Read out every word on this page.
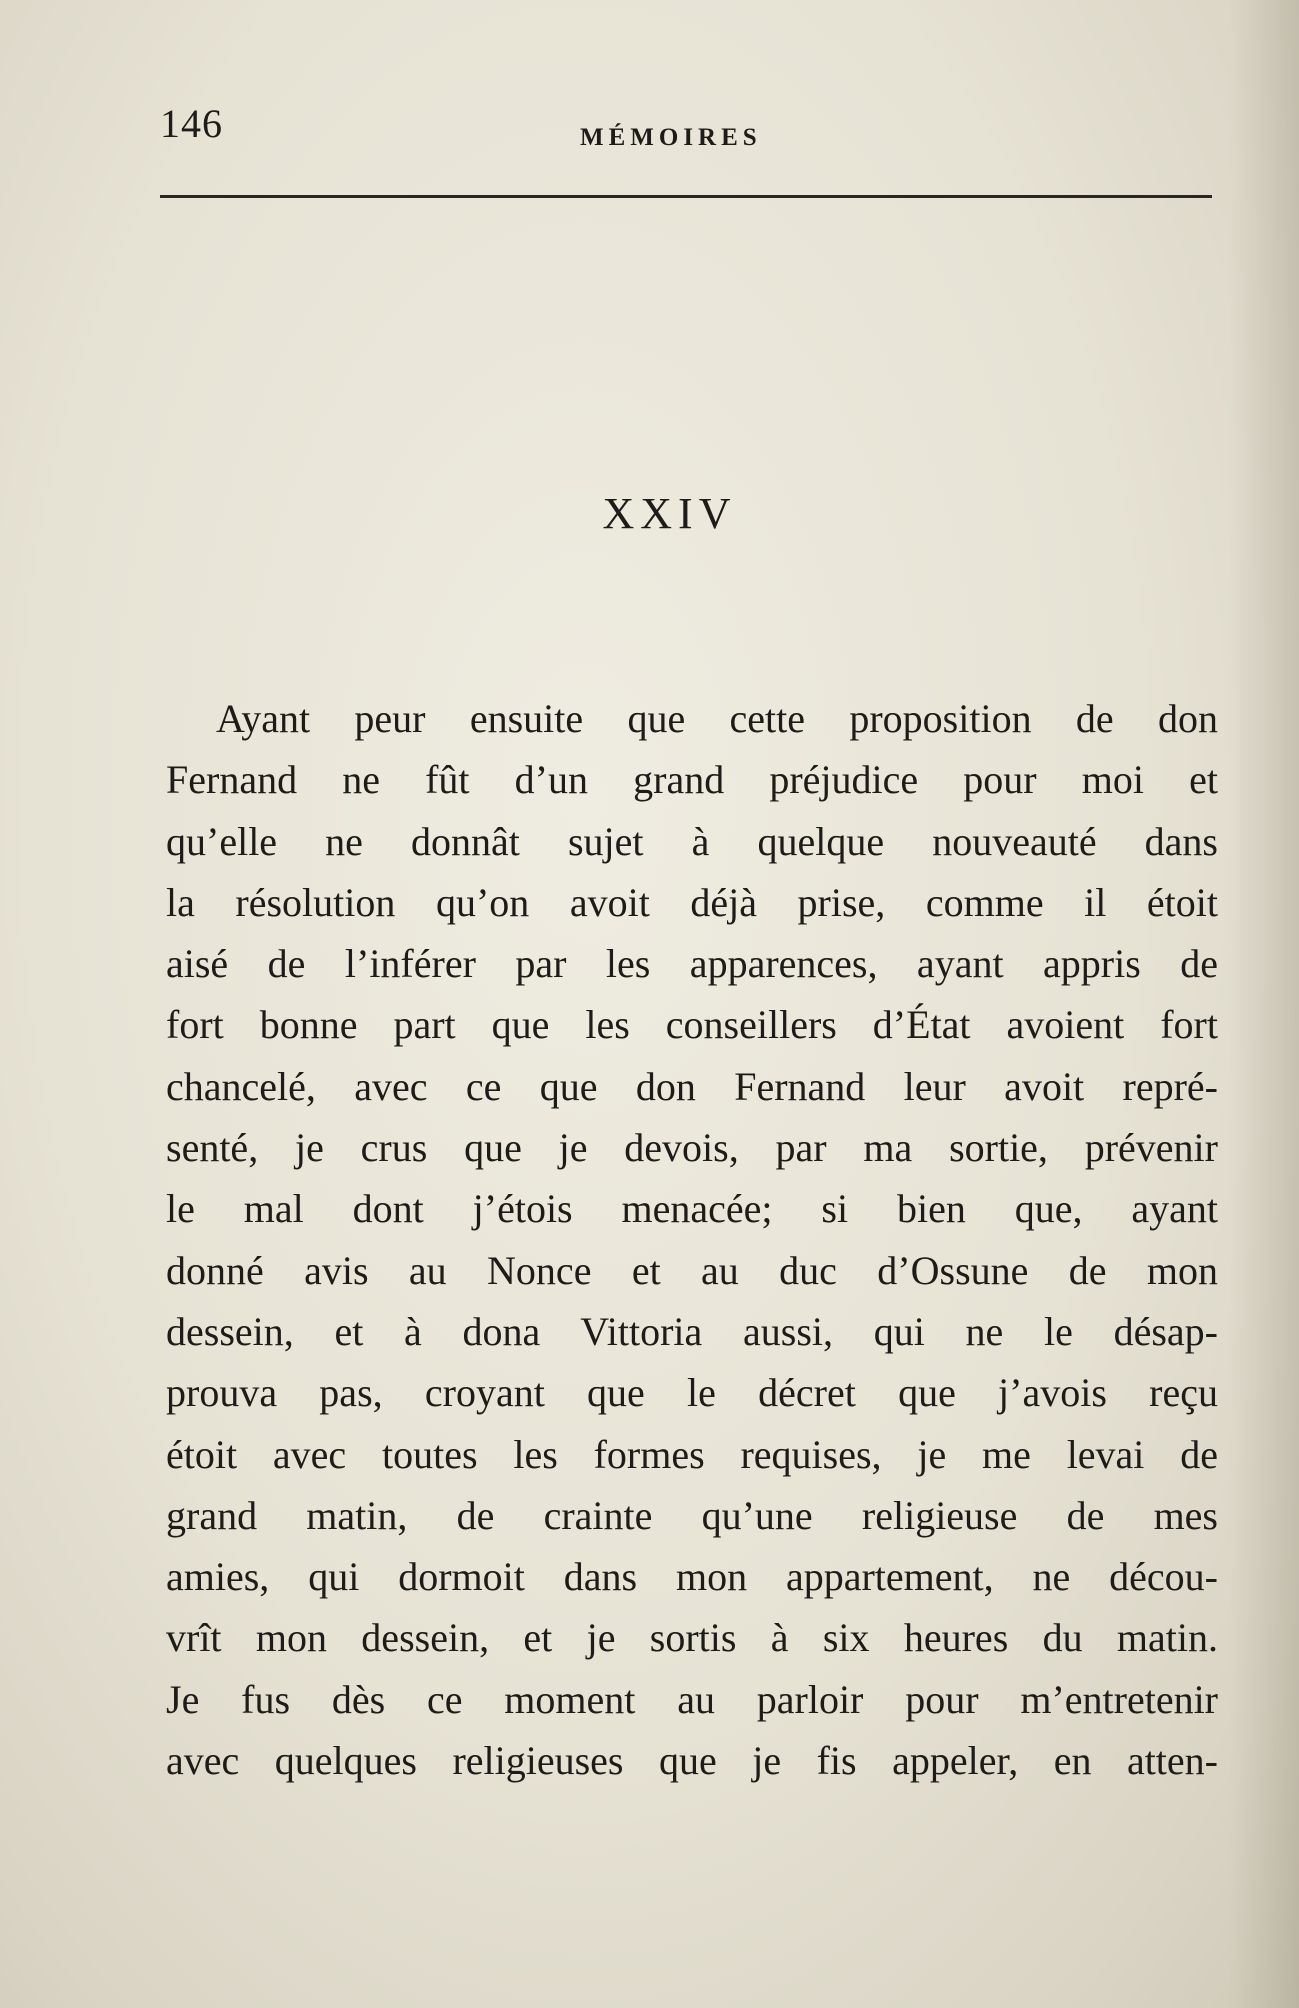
146	MÉMOIRES
XXIV
Ayant peur ensuite que cette proposition de don
Fernand ne fût d’un grand préjudice pour moi et
qu’elle ne donnât sujet à quelque nouveauté dans
la résolution qu’on avoit déjà prise, comme il étoit
aisé de l’inférer par les apparences, ayant appris de
fort bonne part que les conseillers d’État avoient fort
chancelé, avec ce que don Fernand leur avoit repré-
senté, je crus que je devois, par ma sortie, prévenir
le mal dont j’étois menacée; si bien que, ayant
donné avis au Nonce et au duc d’Ossune de mon
dessein, et à dona Vittoria aussi, qui ne le désap-
prouva pas, croyant que le décret que j’avois reçu
étoit avec toutes les formes requises, je me levai de
grand matin, de crainte qu’une religieuse de mes
amies, qui dormoit dans mon appartement, ne décou-
vrît mon dessein, et je sortis à six heures du matin.
Je fus dès ce moment au parloir pour m’entretenir
avec quelques religieuses que je fis appeler, en atten-
